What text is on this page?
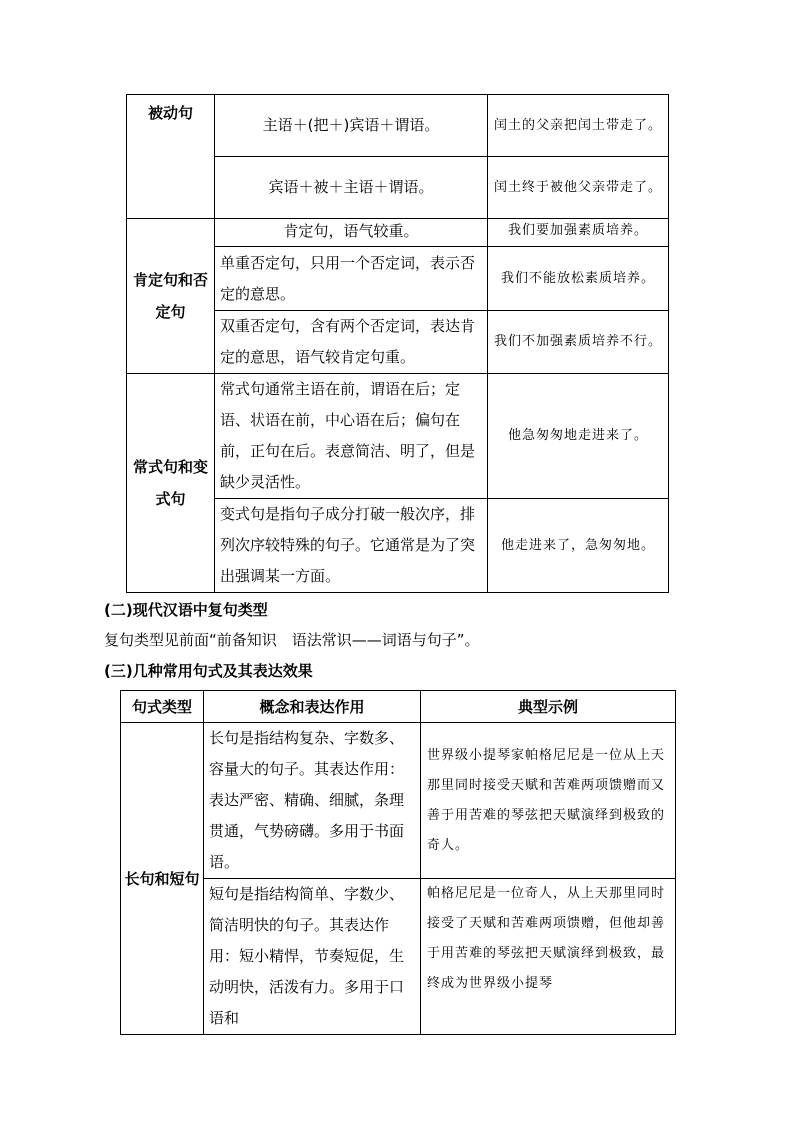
被动句	主语＋(把＋)宾语＋谓语。	闰土的父亲把闰土带走了。
	宾语＋被＋主语＋谓语。	闰土终于被他父亲带走了。
肯定句和否定句	肯定句，语气较重。	我们要加强素质培养。
	单重否定句，只用一个否定词，表示否定的意思。	我们不能放松素质培养。
	双重否定句，含有两个否定词，表达肯定的意思，语气较肯定句重。	我们不加强素质培养不行。
常式句和变式句	常式句通常主语在前，谓语在后；定语、状语在前，中心语在后；偏句在前，正句在后。表意简洁、明了，但是缺少灵活性。	他急匆匆地走进来了。
	变式句是指句子成分打破一般次序，排列次序较特殊的句子。它通常是为了突出强调某一方面。	他走进来了，急匆匆地。

(二)现代汉语中复句类型

复句类型见前面“前备知识　语法常识——词语与句子”。

(三)几种常用句式及其表达效果

句式类型	概念和表达作用	典型示例
长句和短句	长句是指结构复杂、字数多、容量大的句子。其表达作用：表达严密、精确、细腻，条理贯通，气势磅礴。多用于书面语。	世界级小提琴家帕格尼尼是一位从上天那里同时接受天赋和苦难两项馈赠而又善于用苦难的琴弦把天赋演绎到极致的奇人。
	短句是指结构简单、字数少、简洁明快的句子。其表达作用：短小精悍，节奏短促，生动明快，活泼有力。多用于口语和	帕格尼尼是一位奇人，从上天那里同时接受了天赋和苦难两项馈赠，但他却善于用苦难的琴弦把天赋演绎到极致，最终成为世界级小提琴
